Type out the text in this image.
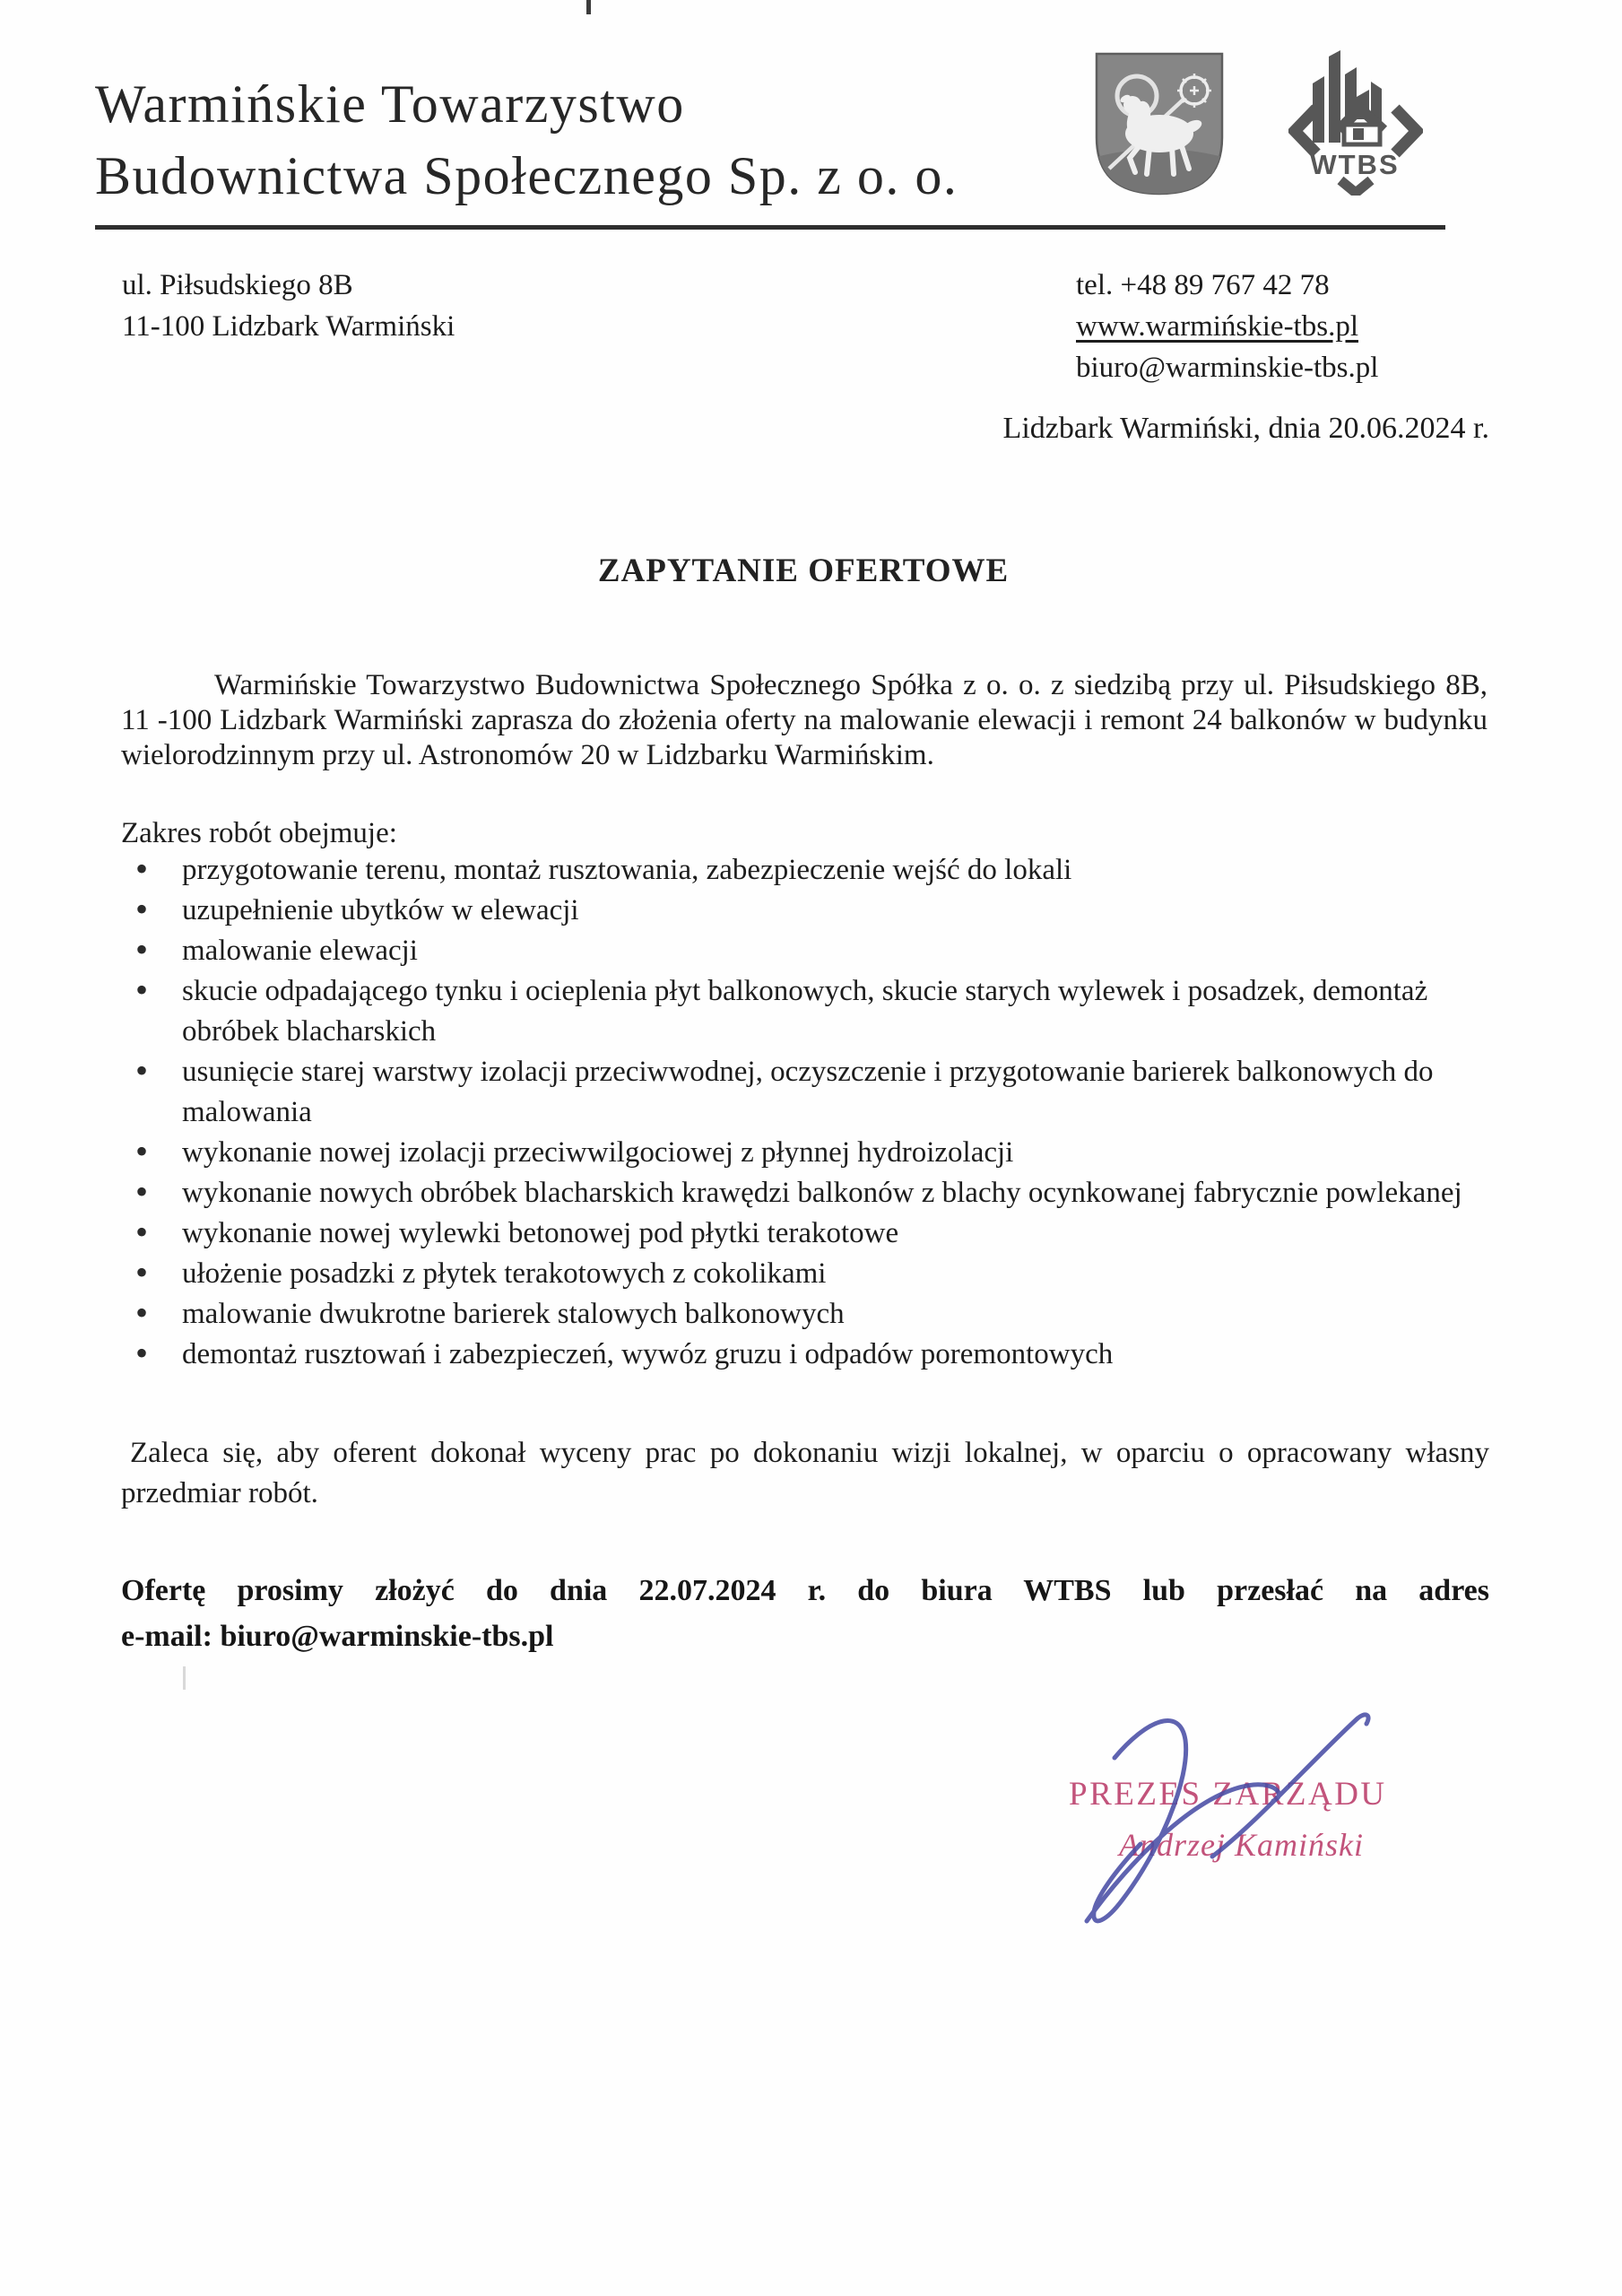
Warmińskie Towarzystwo
Budownictwa Społecznego Sp. z o. o.	WTBS
ul. Piłsudskiego 8B
11-100 Lidzbark Warmiński
tel. +48 89 767 42 78
www.warmińskie-tbs.pl
biuro@warminskie-tbs.pl
Lidzbark Warmiński, dnia 20.06.2024 r.
ZAPYTANIE OFERTOWE
Warmińskie Towarzystwo Budownictwa Społecznego Spółka z o. o. z siedzibą przy ul. Piłsudskiego 8B, 11 -100 Lidzbark Warmiński zaprasza do złożenia oferty na malowanie elewacji i remont 24 balkonów w budynku wielorodzinnym przy ul. Astronomów 20 w Lidzbarku Warmińskim.
Zakres robót obejmuje:
• przygotowanie terenu, montaż rusztowania, zabezpieczenie wejść do lokali
• uzupełnienie ubytków w elewacji
• malowanie elewacji
• skucie odpadającego tynku i ocieplenia płyt balkonowych, skucie starych wylewek i posadzek, demontaż obróbek blacharskich
• usunięcie starej warstwy izolacji przeciwwodnej, oczyszczenie i przygotowanie barierek balkonowych do malowania
• wykonanie nowej izolacji przeciwwilgociowej z płynnej hydroizolacji
• wykonanie nowych obróbek blacharskich krawędzi balkonów z blachy ocynkowanej fabrycznie powlekanej
• wykonanie nowej wylewki betonowej pod płytki terakotowe
• ułożenie posadzki z płytek terakotowych z cokolikami
• malowanie dwukrotne barierek stalowych balkonowych
• demontaż rusztowań i zabezpieczeń, wywóz gruzu i odpadów poremontowych
Zaleca się, aby oferent dokonał wyceny prac po dokonaniu wizji lokalnej, w oparciu o opracowany własny przedmiar robót.
Ofertę prosimy złożyć do dnia 22.07.2024 r. do biura WTBS lub przesłać na adres
e-mail: biuro@warminskie-tbs.pl
PREZES ZARZĄDU
Andrzej Kamiński
